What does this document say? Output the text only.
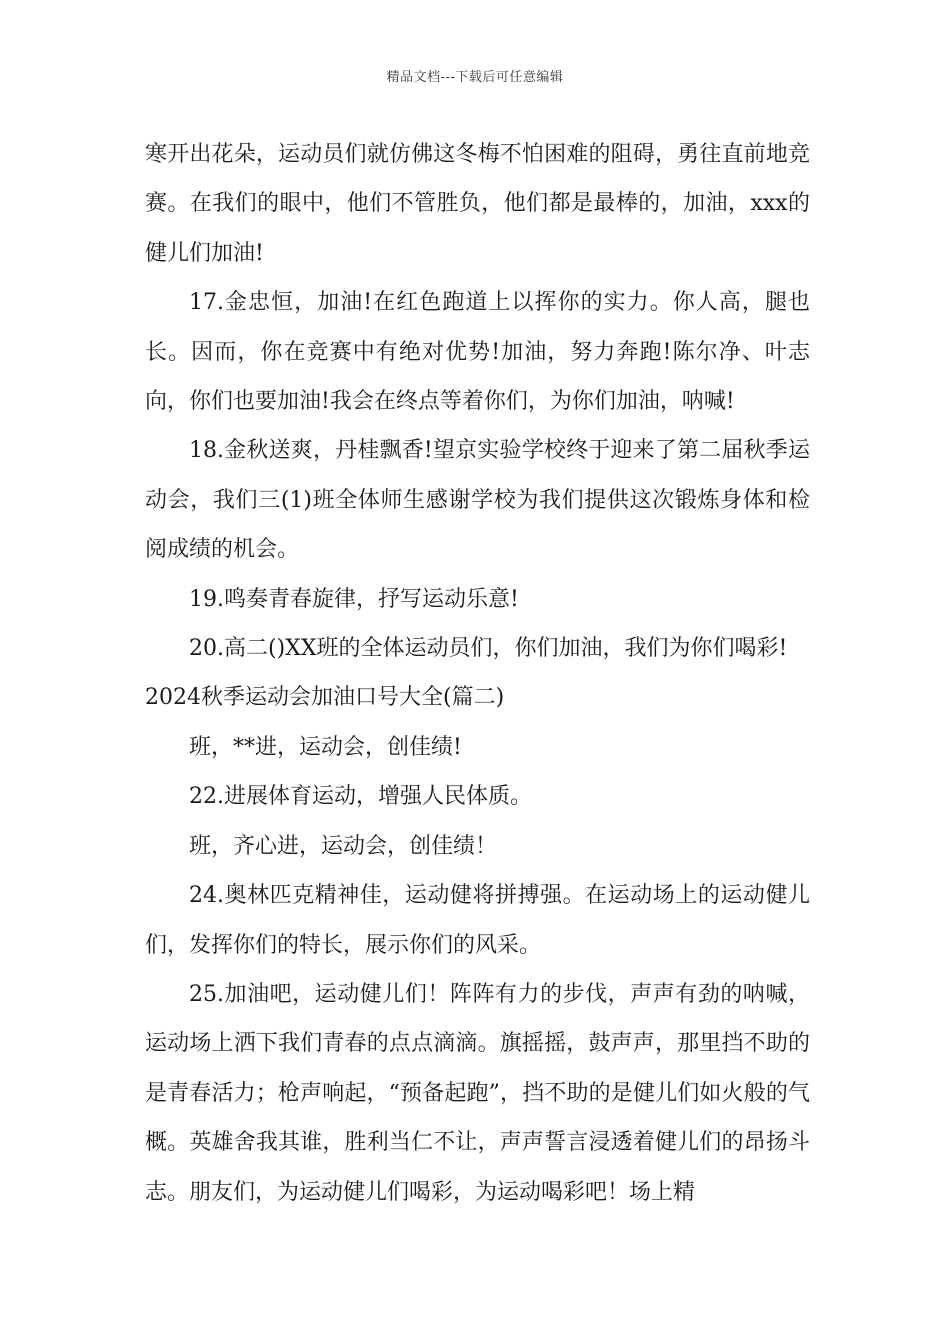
精品文档---下载后可任意编辑

寒开出花朵，运动员们就仿佛这冬梅不怕困难的阻碍，勇往直前地竞赛。在我们的眼中，他们不管胜负，他们都是最棒的，加油，xxx的健儿们加油!

17.金忠恒，加油!在红色跑道上以挥你的实力。你人高，腿也长。因而，你在竞赛中有绝对优势!加油，努力奔跑!陈尔净、叶志向，你们也要加油!我会在终点等着你们，为你们加油，呐喊!

18.金秋送爽，丹桂飘香!望京实验学校终于迎来了第二届秋季运动会，我们三(1)班全体师生感谢学校为我们提供这次锻炼身体和检阅成绩的机会。

19.鸣奏青春旋律，抒写运动乐意!

20.高二()XX班的全体运动员们，你们加油，我们为你们喝彩!

2024秋季运动会加油口号大全(篇二)

班，**进，运动会，创佳绩!

22.进展体育运动，增强人民体质。

班，齐心进，运动会，创佳绩！

24.奥林匹克精神佳，运动健将拼搏强。在运动场上的运动健儿们，发挥你们的特长，展示你们的风采。

25.加油吧，运动健儿们！阵阵有力的步伐，声声有劲的呐喊，运动场上洒下我们青春的点点滴滴。旗摇摇，鼓声声，那里挡不助的是青春活力；枪声响起，“预备起跑”，挡不助的是健儿们如火般的气概。英雄舍我其谁，胜利当仁不让，声声誓言浸透着健儿们的昂扬斗志。朋友们，为运动健儿们喝彩，为运动喝彩吧！场上精
